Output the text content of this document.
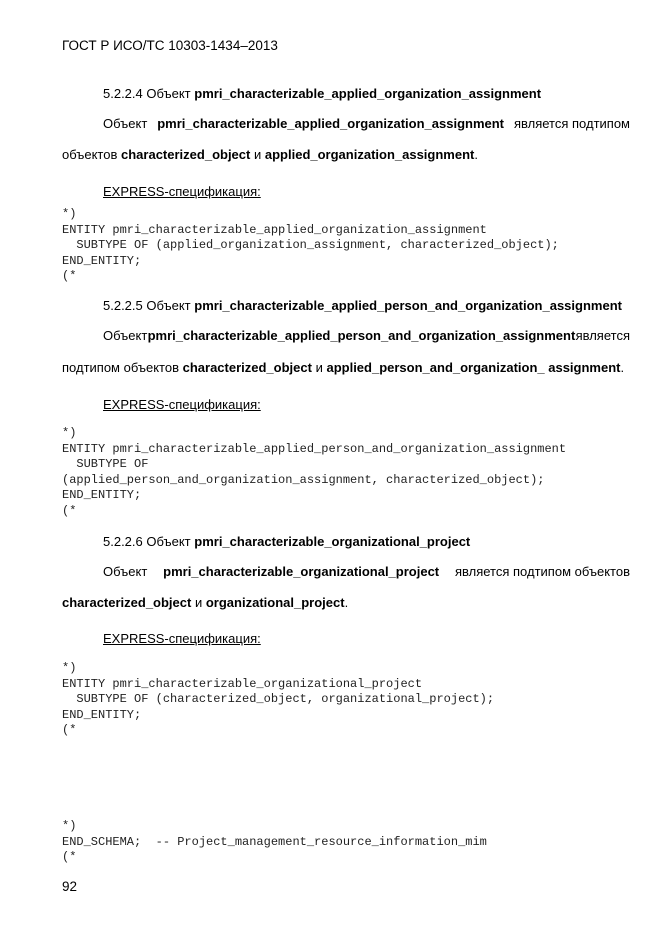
ГОСТ Р ИСО/ТС 10303-1434–2013
5.2.2.4 Объект pmri_characterizable_applied_organization_assignment
Объект pmri_characterizable_applied_organization_assignment является подтипом
объектов characterized_object и applied_organization_assignment.
EXPRESS-спецификация:
*)
ENTITY pmri_characterizable_applied_organization_assignment
SUBTYPE OF (applied_organization_assignment, characterized_object);
END_ENTITY;
(*
5.2.2.5 Объект pmri_characterizable_applied_person_and_organization_assignment
Объект pmri_characterizable_applied_person_and_organization_assignment является
подтипом объектов characterized_object и applied_person_and_organization_ assignment.
EXPRESS-спецификация:
*)
ENTITY pmri_characterizable_applied_person_and_organization_assignment
SUBTYPE OF
(applied_person_and_organization_assignment, characterized_object);
END_ENTITY;
(*
5.2.2.6 Объект pmri_characterizable_organizational_project
Объект pmri_characterizable_organizational_project является подтипом объектов
characterized_object и organizational_project.
EXPRESS-спецификация:
*)
ENTITY pmri_characterizable_organizational_project
SUBTYPE OF (characterized_object, organizational_project);
END_ENTITY;
(*
*)
END_SCHEMA;  -- Project_management_resource_information_mim
(*
92
